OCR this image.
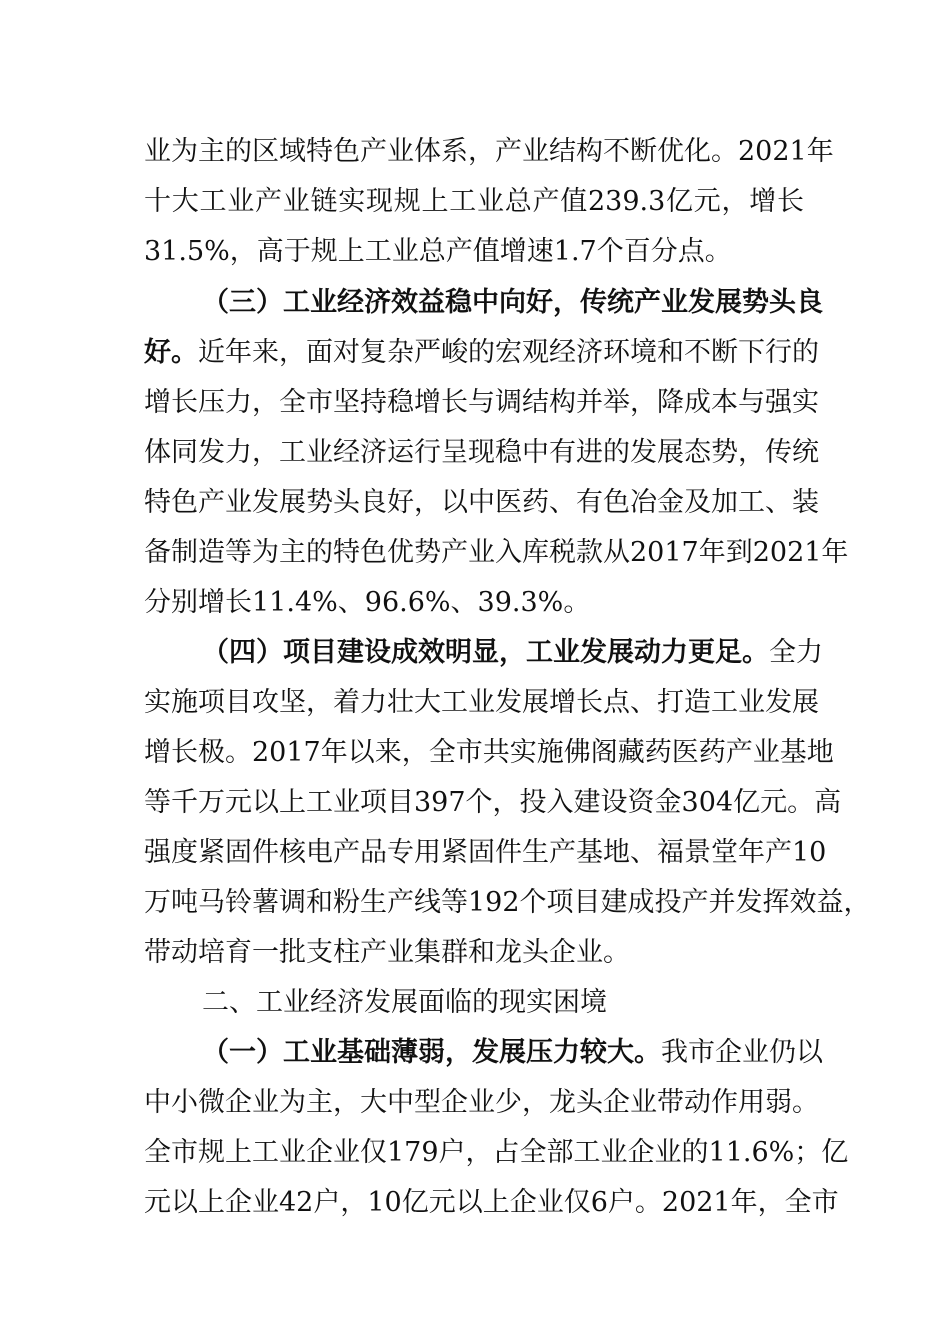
业为主的区域特色产业体系，产业结构不断优化。2021年
十大工业产业链实现规上工业总产值239.3亿元，增长
31.5%，高于规上工业总产值增速1.7个百分点。
（三）工业经济效益稳中向好，传统产业发展势头良
好。近年来，面对复杂严峻的宏观经济环境和不断下行的
增长压力，全市坚持稳增长与调结构并举，降成本与强实
体同发力，工业经济运行呈现稳中有进的发展态势，传统
特色产业发展势头良好，以中医药、有色冶金及加工、装
备制造等为主的特色优势产业入库税款从2017年到2021年
分别增长11.4%、96.6%、39.3%。
（四）项目建设成效明显，工业发展动力更足。全力
实施项目攻坚，着力壮大工业发展增长点、打造工业发展
增长极。2017年以来，全市共实施佛阁藏药医药产业基地
等千万元以上工业项目397个，投入建设资金304亿元。高
强度紧固件核电产品专用紧固件生产基地、福景堂年产10
万吨马铃薯调和粉生产线等192个项目建成投产并发挥效益，
带动培育一批支柱产业集群和龙头企业。
二、工业经济发展面临的现实困境
（一）工业基础薄弱，发展压力较大。我市企业仍以
中小微企业为主，大中型企业少，龙头企业带动作用弱。
全市规上工业企业仅179户，占全部工业企业的11.6%；亿
元以上企业42户，10亿元以上企业仅6户。2021年，全市
